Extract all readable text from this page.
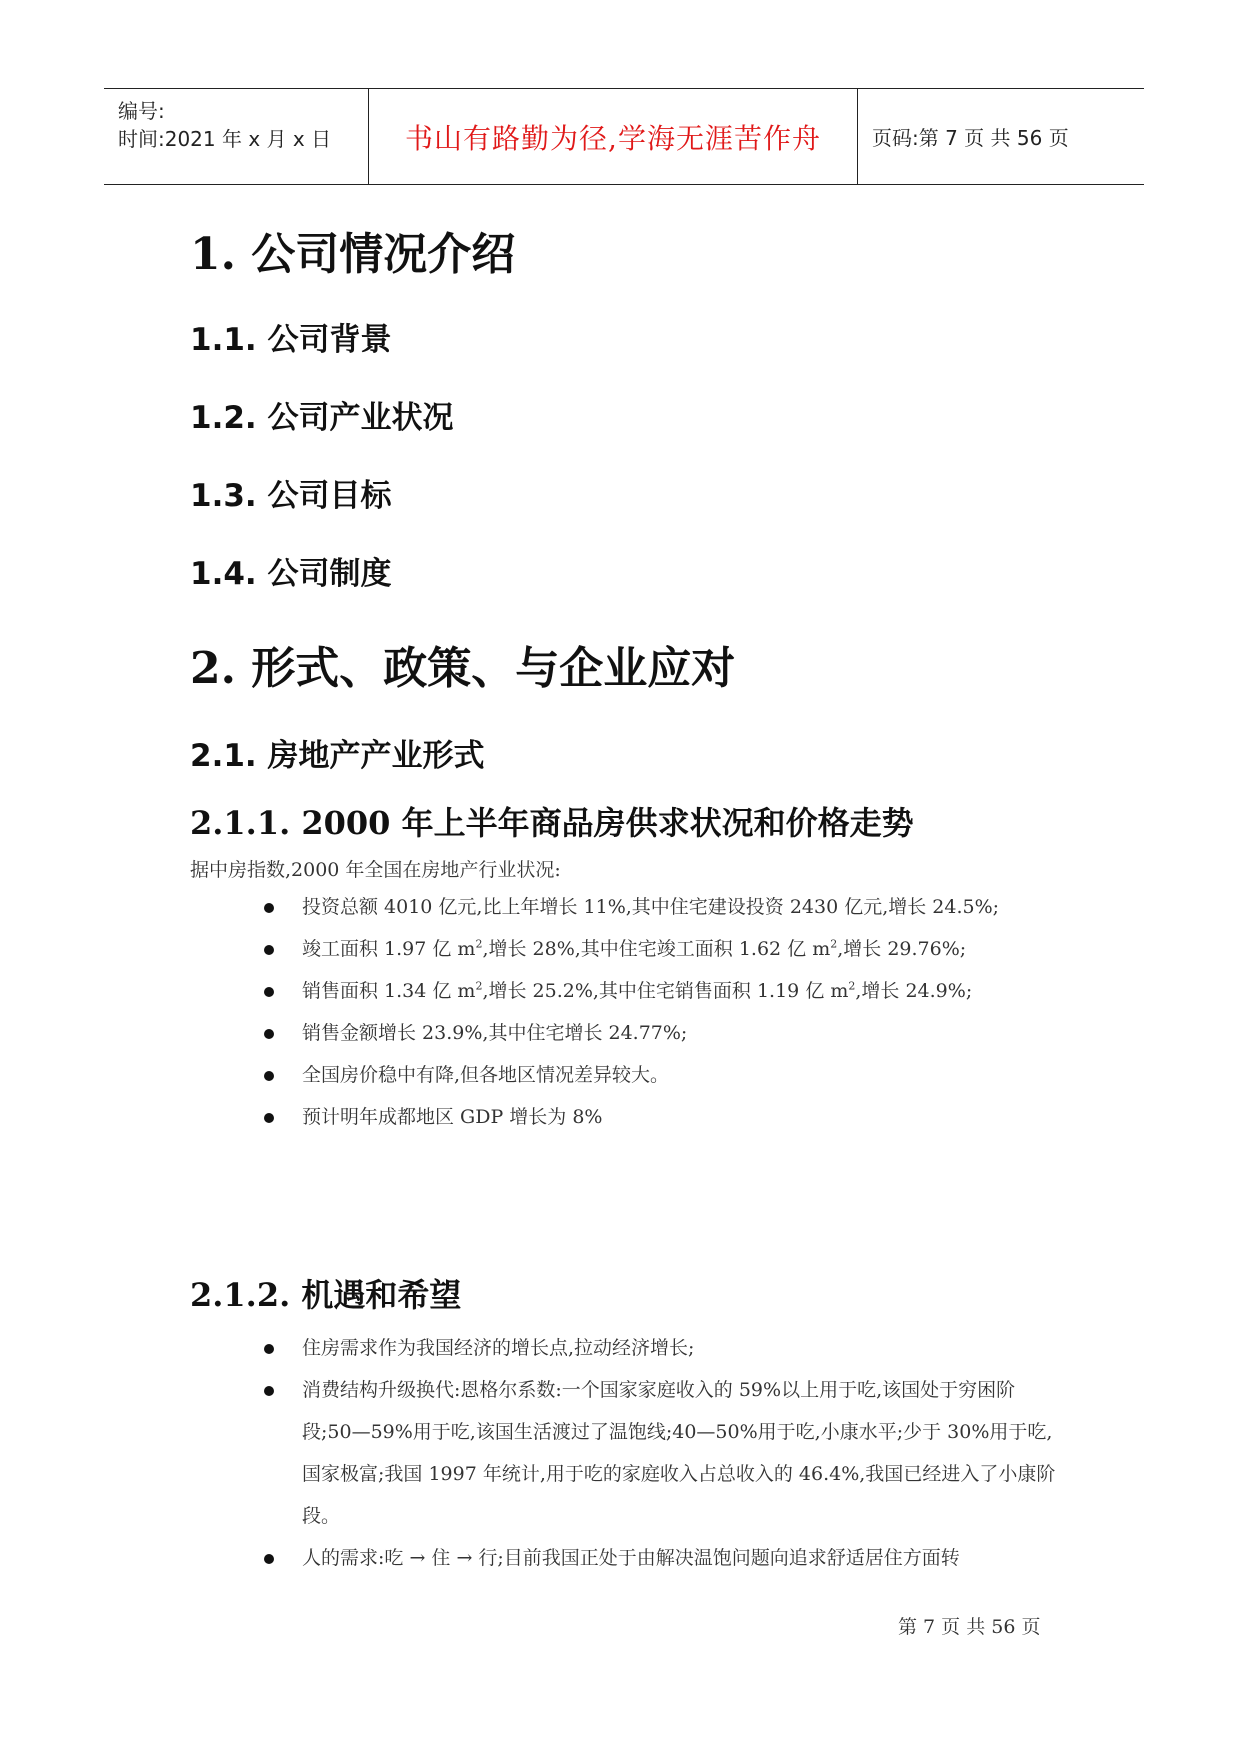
编号:
时间:2021 年 x 月 x 日	书山有路勤为径,学海无涯苦作舟	页码:第 7 页 共 56 页
1. 公司情况介绍
1.1. 公司背景
1.2. 公司产业状况
1.3. 公司目标
1.4. 公司制度
2. 形式、政策、与企业应对
2.1. 房地产产业形式
2.1.1. 2000 年上半年商品房供求状况和价格走势
据中房指数,2000 年全国在房地产行业状况:
投资总额 4010 亿元,比上年增长 11%,其中住宅建设投资 2430 亿元,增长 24.5%;
竣工面积 1.97 亿 $m^2$,增长 28%,其中住宅竣工面积 1.62 亿 $m^2$,增长 29.76%;
销售面积 1.34 亿 $m^2$,增长 25.2%,其中住宅销售面积 1.19 亿 $m^2$,增长 24.9%;
销售金额增长 23.9%,其中住宅增长 24.77%;
全国房价稳中有降,但各地区情况差异较大。
预计明年成都地区 GDP 增长为 8%
2.1.2. 机遇和希望
住房需求作为我国经济的增长点,拉动经济增长;
消费结构升级换代:恩格尔系数:一个国家家庭收入的 59%以上用于吃,该国处于穷困阶段;50—59%用于吃,该国生活渡过了温饱线;40—50%用于吃,小康水平;少于 30%用于吃,国家极富;我国 1997 年统计,用于吃的家庭收入占总收入的 46.4%,我国已经进入了小康阶段。
人的需求:吃 → 住 → 行;目前我国正处于由解决温饱问题向追求舒适居住方面转
第 7 页 共 56 页
